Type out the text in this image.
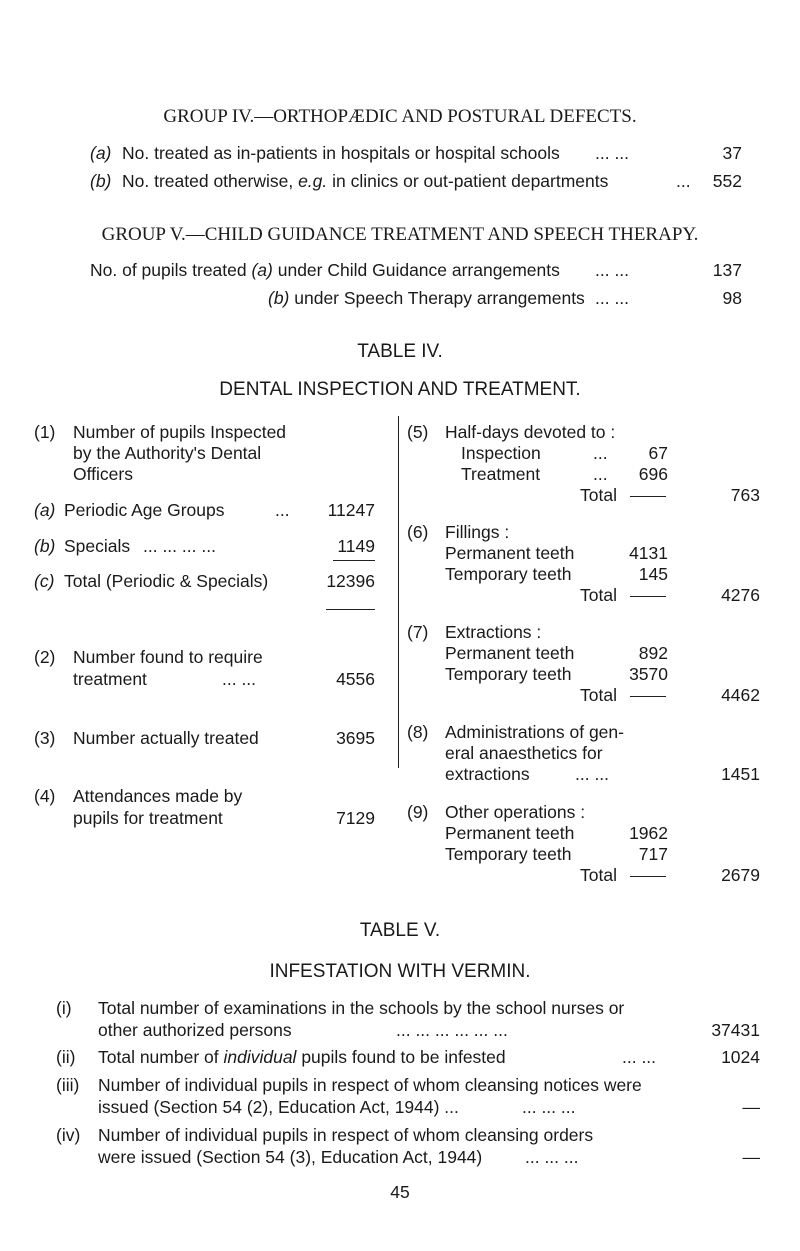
GROUP IV.—ORTHOPÆDIC AND POSTURAL DEFECTS.
(a) No. treated as in-patients in hospitals or hospital schools ... ...	37
(b) No. treated otherwise, e.g. in clinics or out-patient departments	... 552
GROUP V.—CHILD GUIDANCE TREATMENT AND SPEECH THERAPY.
No. of pupils treated (a) under Child Guidance arrangements ... ...	137
(b) under Speech Therapy arrangements ... ...	98
TABLE IV.
DENTAL INSPECTION AND TREATMENT.
(1) Number of pupils Inspected
by the Authority's Dental
Officers
(a) Periodic Age Groups	... 11247
(b) Specials ... ... ... ...	1149
(c) Total (Periodic & Specials)	12396
(2) Number found to require
treatment	... ...	4556
(3) Number actually treated	3695
(4) Attendances made by
pupils for treatment	7129
(5) Half-days devoted to :
Inspection	... 67
Treatment	... 696
Total	763
(6) Fillings :
Permanent teeth	4131
Temporary teeth	145
Total	4276
(7) Extractions :
Permanent teeth	892
Temporary teeth	3570
Total	4462
(8) Administrations of gen-
eral anaesthetics for
extractions	... ...	1451
(9) Other operations :
Permanent teeth	1962
Temporary teeth	717
Total	2679
TABLE V.
INFESTATION WITH VERMIN.
(i) Total number of examinations in the schools by the school nurses or
other authorized persons	... ... ... ... ... ...	37431
(ii) Total number of individual pupils found to be infested	... ...	1024
(iii) Number of individual pupils in respect of whom cleansing notices were
issued (Section 54 (2), Education Act, 1944) ...	... ... ...	—
(iv) Number of individual pupils in respect of whom cleansing orders
were issued (Section 54 (3), Education Act, 1944) ... ... ...	—
45
